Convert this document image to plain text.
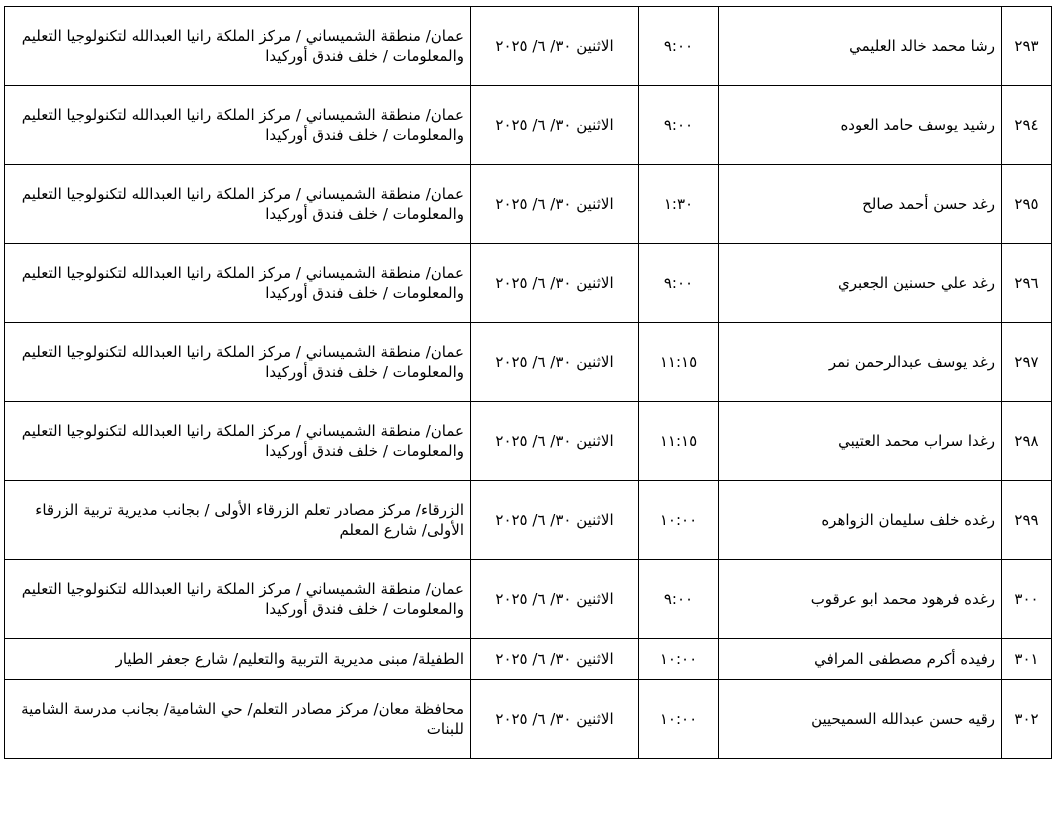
٢٩٣	رشا محمد خالد العليمي	٩:٠٠	الاثنين ٣٠/ ٦/ ٢٠٢٥	عمان/ منطقة الشميساني / مركز الملكة رانيا العبدالله لتكنولوجيا التعليم والمعلومات / خلف فندق أوركيدا
٢٩٤	رشيد يوسف حامد العوده	٩:٠٠	الاثنين ٣٠/ ٦/ ٢٠٢٥	عمان/ منطقة الشميساني / مركز الملكة رانيا العبدالله لتكنولوجيا التعليم والمعلومات / خلف فندق أوركيدا
٢٩٥	رغد حسن أحمد صالح	١:٣٠	الاثنين ٣٠/ ٦/ ٢٠٢٥	عمان/ منطقة الشميساني / مركز الملكة رانيا العبدالله لتكنولوجيا التعليم والمعلومات / خلف فندق أوركيدا
٢٩٦	رغد علي حسنين الجعبري	٩:٠٠	الاثنين ٣٠/ ٦/ ٢٠٢٥	عمان/ منطقة الشميساني / مركز الملكة رانيا العبدالله لتكنولوجيا التعليم والمعلومات / خلف فندق أوركيدا
٢٩٧	رغد يوسف عبدالرحمن نمر	١١:١٥	الاثنين ٣٠/ ٦/ ٢٠٢٥	عمان/ منطقة الشميساني / مركز الملكة رانيا العبدالله لتكنولوجيا التعليم والمعلومات / خلف فندق أوركيدا
٢٩٨	رغدا سراب محمد العتيبي	١١:١٥	الاثنين ٣٠/ ٦/ ٢٠٢٥	عمان/ منطقة الشميساني / مركز الملكة رانيا العبدالله لتكنولوجيا التعليم والمعلومات / خلف فندق أوركيدا
٢٩٩	رغده خلف سليمان الزواهره	١٠:٠٠	الاثنين ٣٠/ ٦/ ٢٠٢٥	الزرقاء/ مركز مصادر تعلم الزرقاء الأولى / بجانب مديرية تربية الزرقاء الأولى/ شارع المعلم
٣٠٠	رغده فرهود محمد ابو عرقوب	٩:٠٠	الاثنين ٣٠/ ٦/ ٢٠٢٥	عمان/ منطقة الشميساني / مركز الملكة رانيا العبدالله لتكنولوجيا التعليم والمعلومات / خلف فندق أوركيدا
٣٠١	رفيده أكرم مصطفى المرافي	١٠:٠٠	الاثنين ٣٠/ ٦/ ٢٠٢٥	الطفيلة/ مبنى مديرية التربية والتعليم/ شارع جعفر الطيار
٣٠٢	رقيه حسن عبدالله السميحيين	١٠:٠٠	الاثنين ٣٠/ ٦/ ٢٠٢٥	محافظة معان/ مركز مصادر التعلم/ حي الشامية/ بجانب مدرسة الشامية للبنات
